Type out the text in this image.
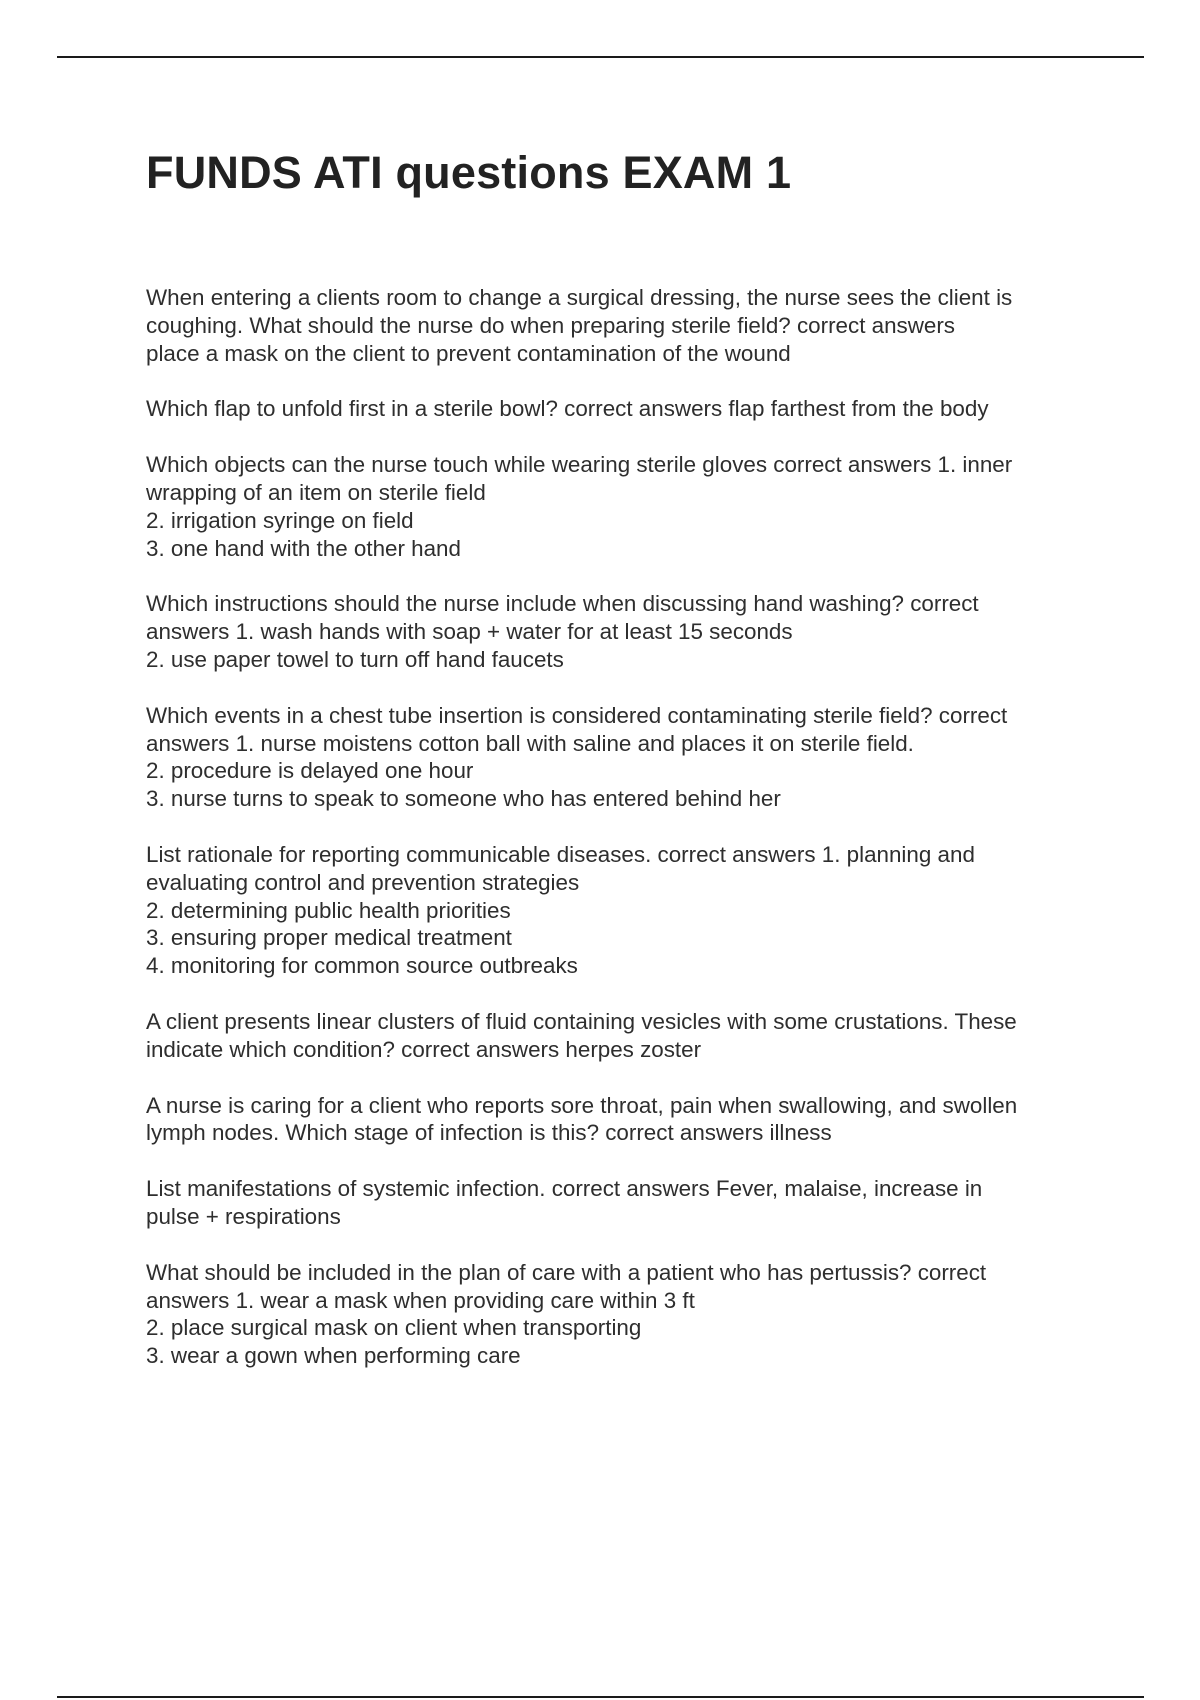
FUNDS ATI questions EXAM 1
When entering a clients room to change a surgical dressing, the nurse sees the client is
coughing. What should the nurse do when preparing sterile field? correct answers
place a mask on the client to prevent contamination of the wound
Which flap to unfold first in a sterile bowl? correct answers flap farthest from the body
Which objects can the nurse touch while wearing sterile gloves correct answers 1. inner
wrapping of an item on sterile field
2. irrigation syringe on field
3. one hand with the other hand
Which instructions should the nurse include when discussing hand washing? correct
answers 1. wash hands with soap + water for at least 15 seconds
2. use paper towel to turn off hand faucets
Which events in a chest tube insertion is considered contaminating sterile field? correct
answers 1. nurse moistens cotton ball with saline and places it on sterile field.
2. procedure is delayed one hour
3. nurse turns to speak to someone who has entered behind her
List rationale for reporting communicable diseases. correct answers 1. planning and
evaluating control and prevention strategies
2. determining public health priorities
3. ensuring proper medical treatment
4. monitoring for common source outbreaks
A client presents linear clusters of fluid containing vesicles with some crustations. These
indicate which condition? correct answers herpes zoster
A nurse is caring for a client who reports sore throat, pain when swallowing, and swollen
lymph nodes. Which stage of infection is this? correct answers illness
List manifestations of systemic infection. correct answers Fever, malaise, increase in
pulse + respirations
What should be included in the plan of care with a patient who has pertussis? correct
answers 1. wear a mask when providing care within 3 ft
2. place surgical mask on client when transporting
3. wear a gown when performing care
